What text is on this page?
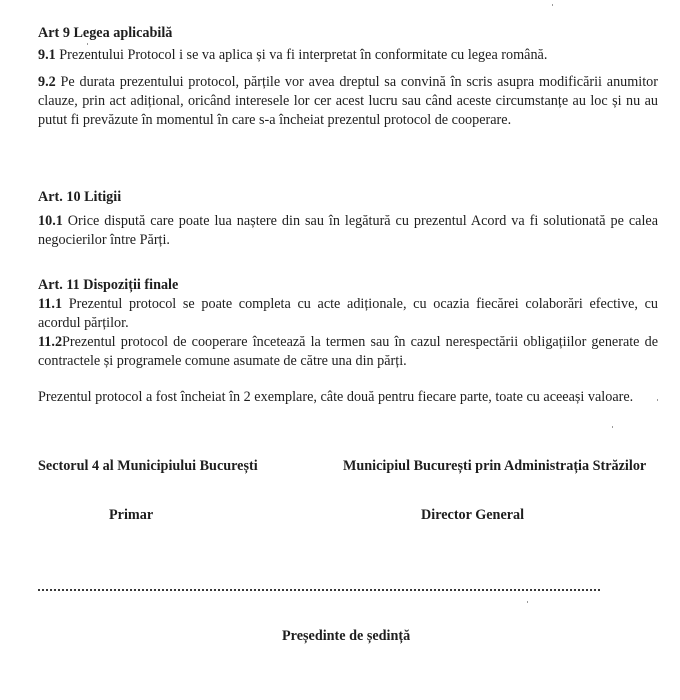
Art 9 Legea aplicabilă
9.1 Prezentului Protocol i se va aplica și va fi interpretat în conformitate cu legea română.
9.2 Pe durata prezentului protocol, părțile vor avea dreptul sa convină în scris asupra modificării anumitor clauze, prin act adițional, oricând interesele lor cer acest lucru sau când aceste circumstanțe au loc și nu au putut fi prevăzute în momentul în care s-a încheiat prezentul protocol de cooperare.
Art. 10 Litigii
10.1 Orice dispută care poate lua naștere din sau în legătură cu prezentul Acord va fi solutionată pe calea negocierilor între Părți.
Art. 11 Dispoziții finale
11.1 Prezentul protocol se poate completa cu acte adiționale, cu ocazia fiecărei colaborări efective, cu acordul părților.
11.2Prezentul protocol de cooperare încetează la termen sau în cazul nerespectării obligațiilor generate de contractele și programele comune asumate de către una din părți.
Prezentul protocol a fost încheiat în 2 exemplare, câte două pentru fiecare parte, toate cu aceeași valoare.
Sectorul 4 al Municipiului București	Municipiul București prin Administrația Străzilor
Primar	Director General
Președinte de ședință
